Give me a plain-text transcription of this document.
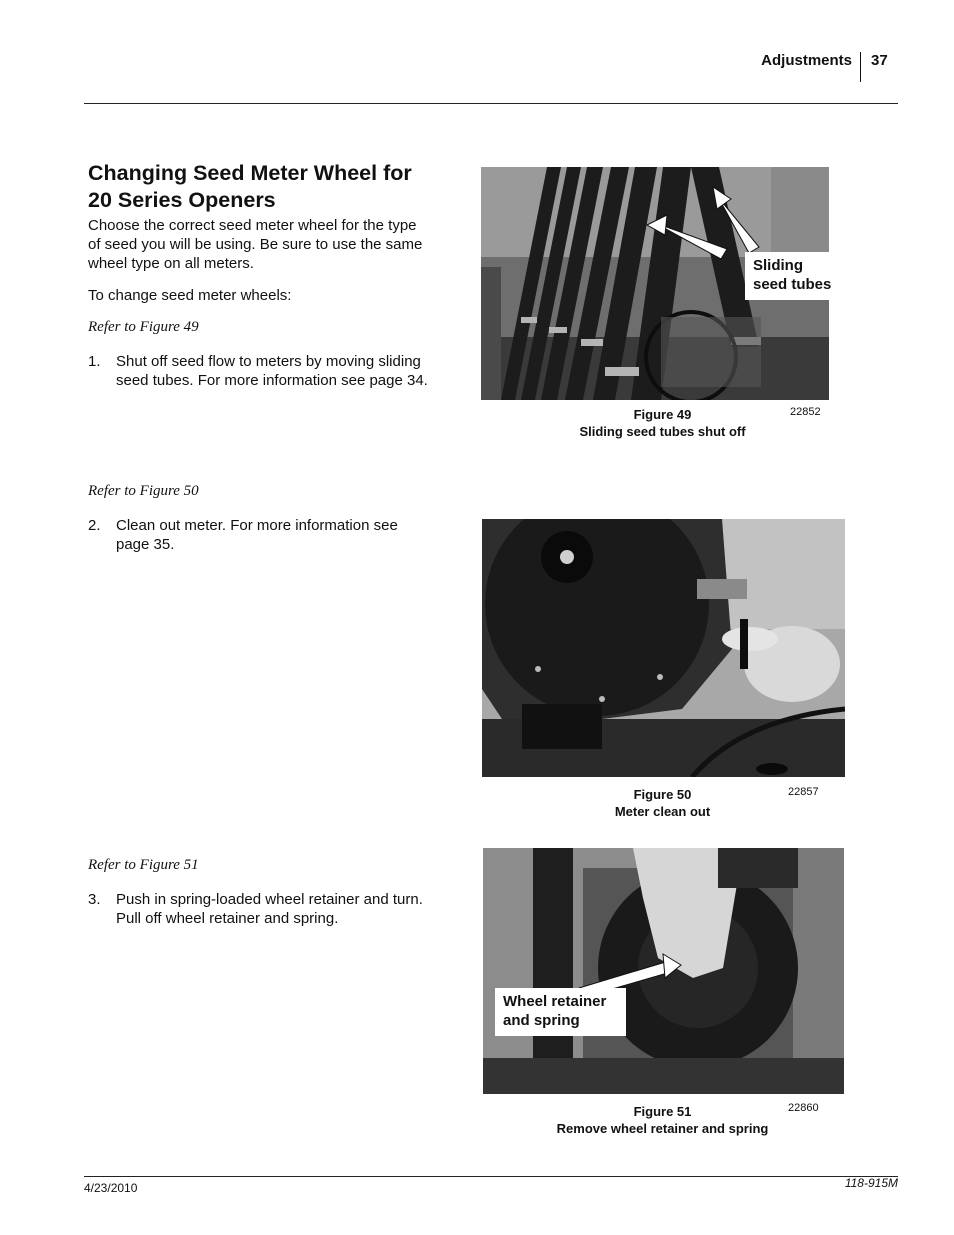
Adjustments 37
Changing Seed Meter Wheel for 20 Series Openers

Choose the correct seed meter wheel for the type of seed you will be using. Be sure to use the same wheel type on all meters.

To change seed meter wheels:

Refer to Figure 49

1.	Shut off seed flow to meters by moving sliding seed tubes. For more information see page 34.

Refer to Figure 50

2.	Clean out meter. For more information see page 35.

Refer to Figure 51

3.	Push in spring-loaded wheel retainer and turn. Pull off wheel retainer and spring.
Sliding seed tubes
Figure 49
Sliding seed tubes shut off
22852
Figure 50
Meter clean out
22857
Wheel retainer and spring
Figure 51
Remove wheel retainer and spring
22860
4/23/2010	118-915M
